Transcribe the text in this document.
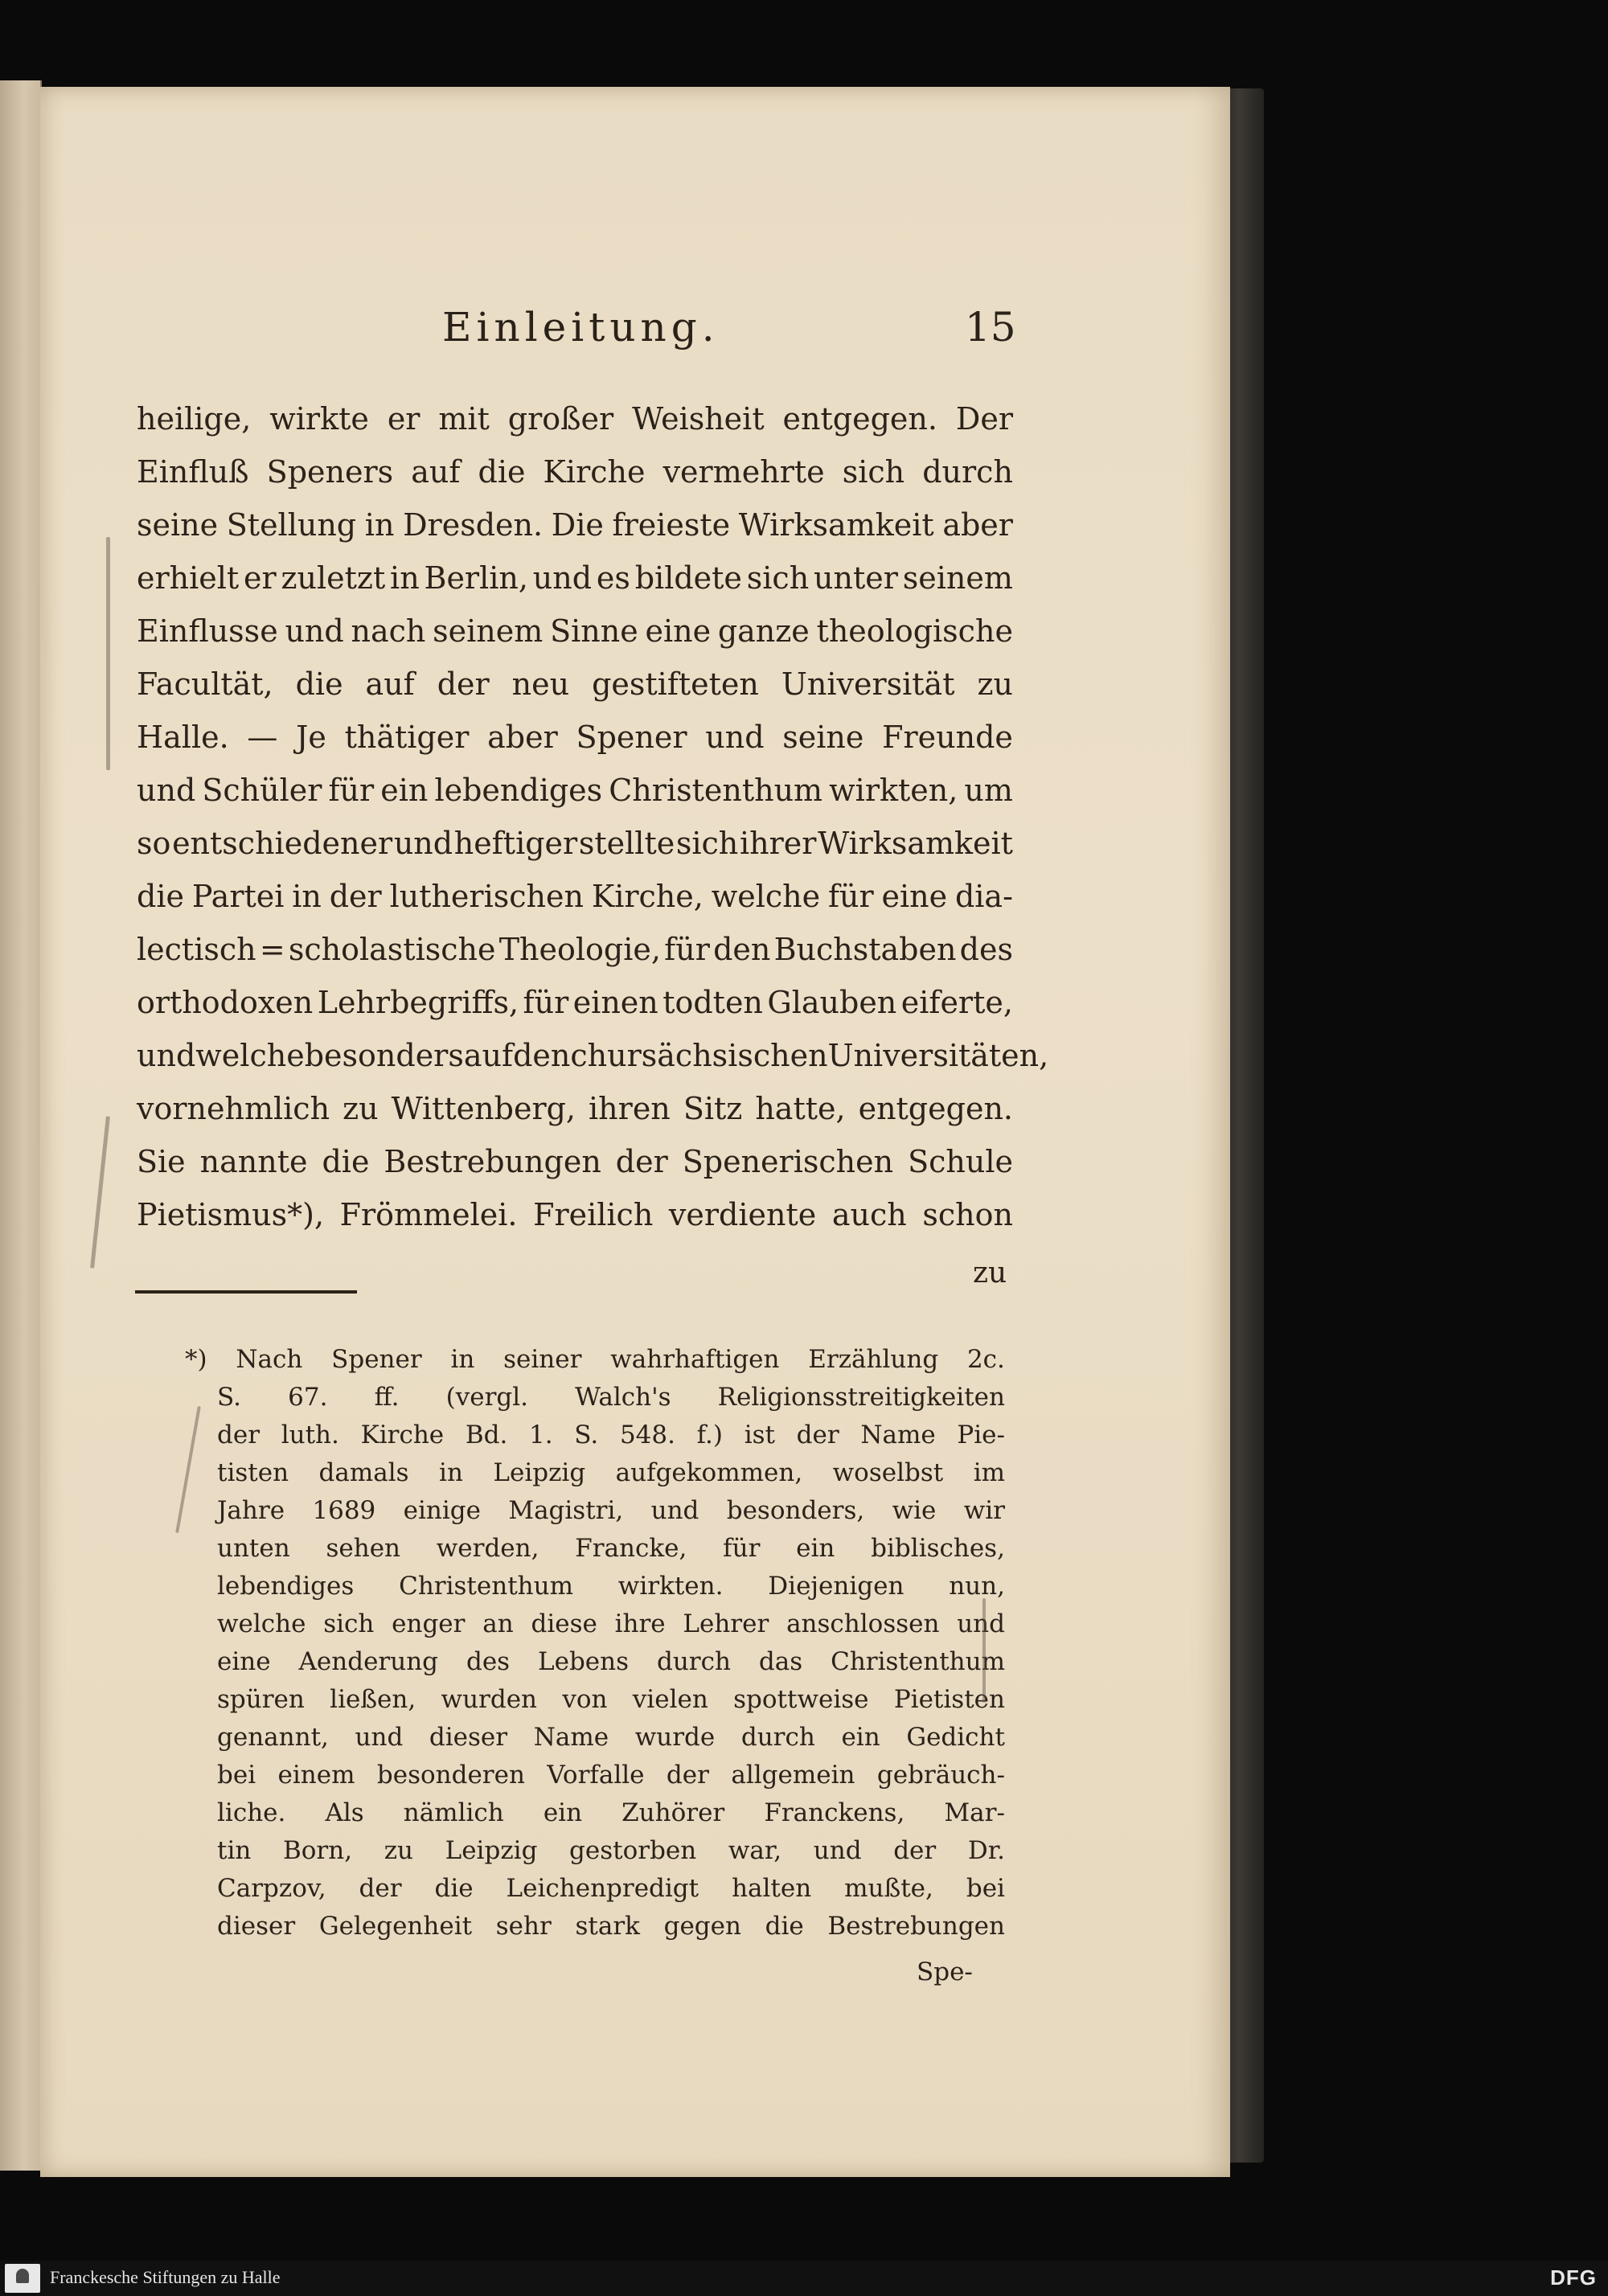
Einleitung.	15
heilige, wirkte er mit großer Weisheit entgegen. Der
Einfluß Speners auf die Kirche vermehrte sich durch
seine Stellung in Dresden. Die freieste Wirksamkeit aber
erhielt er zuletzt in Berlin, und es bildete sich unter seinem
Einflusse und nach seinem Sinne eine ganze theologische
Facultät, die auf der neu gestifteten Universität zu
Halle. — Je thätiger aber Spener und seine Freunde
und Schüler für ein lebendiges Christenthum wirkten, um
so entschiedener und heftiger stellte sich ihrer Wirksamkeit
die Partei in der lutherischen Kirche, welche für eine dia-
lectisch = scholastische Theologie, für den Buchstaben des
orthodoxen Lehrbegriffs, für einen todten Glauben eiferte,
und welche besonders auf den chursächsischen Universitäten,
vornehmlich zu Wittenberg, ihren Sitz hatte, entgegen.
Sie nannte die Bestrebungen der Spenerischen Schule
Pietismus*), Frömmelei. Freilich verdiente auch schon
zu
*) Nach Spener in seiner wahrhaftigen Erzählung 2c.
S. 67. ff. (vergl. Walch's Religionsstreitigkeiten
der luth. Kirche Bd. 1. S. 548. f.) ist der Name Pie-
tisten damals in Leipzig aufgekommen, woselbst im
Jahre 1689 einige Magistri, und besonders, wie wir
unten sehen werden, Francke, für ein biblisches,
lebendiges Christenthum wirkten. Diejenigen nun,
welche sich enger an diese ihre Lehrer anschlossen und
eine Aenderung des Lebens durch das Christenthum
spüren ließen, wurden von vielen spottweise Pietisten
genannt, und dieser Name wurde durch ein Gedicht
bei einem besonderen Vorfalle der allgemein gebräuch-
liche. Als nämlich ein Zuhörer Franckens, Mar-
tin Born, zu Leipzig gestorben war, und der Dr.
Carpzov, der die Leichenpredigt halten mußte, bei
dieser Gelegenheit sehr stark gegen die Bestrebungen
Spe-
Franckesche Stiftungen zu Halle	DFG
